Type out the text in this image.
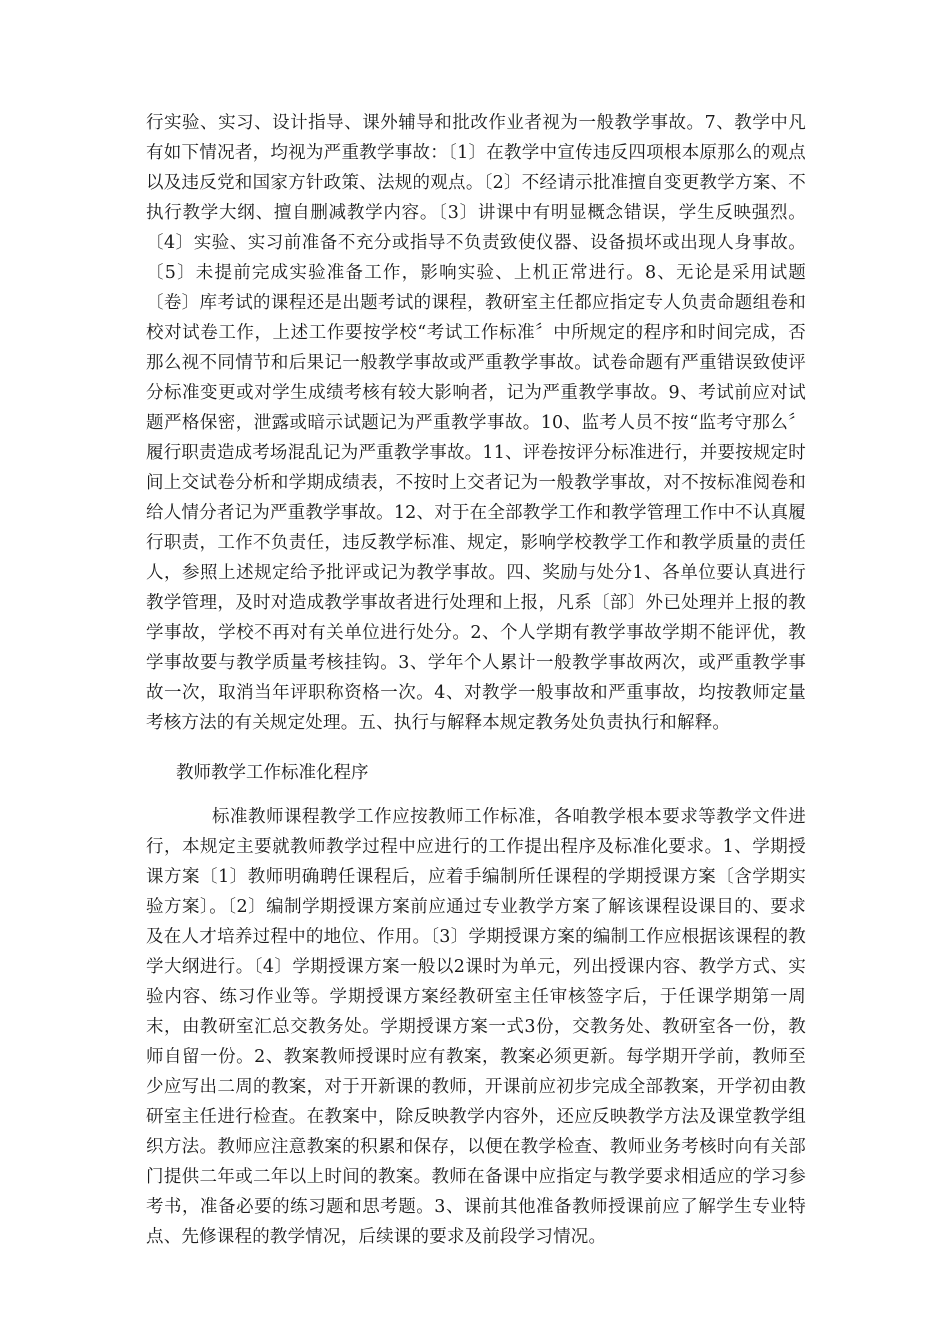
行实验、实习、设计指导、课外辅导和批改作业者视为一般教学事故。7、教学中凡有如下情况者，均视为严重教学事故：〔1〕在教学中宣传违反四项根本原那么的观点以及违反党和国家方针政策、法规的观点。〔2〕不经请示批准擅自变更教学方案、不执行教学大纲、擅自删减教学内容。〔3〕讲课中有明显概念错误，学生反映强烈。〔4〕实验、实习前准备不充分或指导不负责致使仪器、设备损坏或出现人身事故。〔5〕未提前完成实验准备工作，影响实验、上机正常进行。8、无论是采用试题〔卷〕库考试的课程还是出题考试的课程，教研室主任都应指定专人负责命题组卷和校对试卷工作，上述工作要按学校“考试工作标准〞中所规定的程序和时间完成，否那么视不同情节和后果记一般教学事故或严重教学事故。试卷命题有严重错误致使评分标准变更或对学生成绩考核有较大影响者，记为严重教学事故。9、考试前应对试题严格保密，泄露或暗示试题记为严重教学事故。10、监考人员不按“监考守那么〞履行职责造成考场混乱记为严重教学事故。11、评卷按评分标准进行，并要按规定时间上交试卷分析和学期成绩表，不按时上交者记为一般教学事故，对不按标准阅卷和给人情分者记为严重教学事故。12、对于在全部教学工作和教学管理工作中不认真履行职责，工作不负责任，违反教学标准、规定，影响学校教学工作和教学质量的责任人，参照上述规定给予批评或记为教学事故。四、奖励与处分1、各单位要认真进行教学管理，及时对造成教学事故者进行处理和上报，凡系〔部〕外已处理并上报的教学事故，学校不再对有关单位进行处分。2、个人学期有教学事故学期不能评优，教学事故要与教学质量考核挂钩。3、学年个人累计一般教学事故两次，或严重教学事故一次，取消当年评职称资格一次。4、对教学一般事故和严重事故，均按教师定量考核方法的有关规定处理。五、执行与解释本规定教务处负责执行和解释。

教师教学工作标准化程序

标准教师课程教学工作应按教师工作标准，各咱教学根本要求等教学文件进行，本规定主要就教师教学过程中应进行的工作提出程序及标准化要求。1、学期授课方案〔1〕教师明确聘任课程后，应着手编制所任课程的学期授课方案〔含学期实验方案〕。〔2〕编制学期授课方案前应通过专业教学方案了解该课程设课目的、要求及在人才培养过程中的地位、作用。〔3〕学期授课方案的编制工作应根据该课程的教学大纲进行。〔4〕学期授课方案一般以2课时为单元，列出授课内容、教学方式、实验内容、练习作业等。学期授课方案经教研室主任审核签字后，于任课学期第一周末，由教研室汇总交教务处。学期授课方案一式3份，交教务处、教研室各一份，教师自留一份。2、教案教师授课时应有教案，教案必须更新。每学期开学前，教师至少应写出二周的教案，对于开新课的教师，开课前应初步完成全部教案，开学初由教研室主任进行检查。在教案中，除反映教学内容外，还应反映教学方法及课堂教学组织方法。教师应注意教案的积累和保存，以便在教学检查、教师业务考核时向有关部门提供二年或二年以上时间的教案。教师在备课中应指定与教学要求相适应的学习参考书，准备必要的练习题和思考题。3、课前其他准备教师授课前应了解学生专业特点、先修课程的教学情况，后续课的要求及前段学习情况。
